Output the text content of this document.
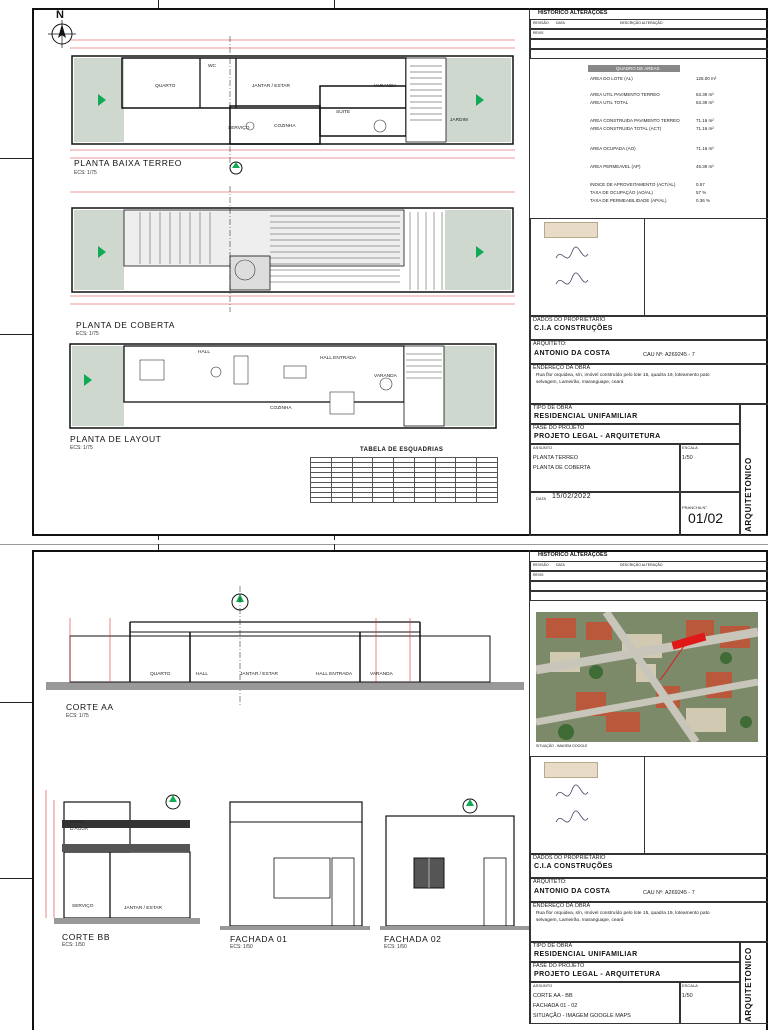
N
QUARTO
WC
JANTAR / ESTAR
SUITE
VARANDA
SERVIÇO	COZINHA
JARDIM
PLANTA BAIXA TERREO
ECS: 1/75
PLANTA DE COBERTA
ECS: 1/75
HALL
HALL ENTRADA
VARANDA
COZINHA
PLANTA DE LAYOUT
ECS: 1/75	TABELA DE ESQUADRIAS

HISTÓRICO ALTERAÇÕES
REVISÃO DATA	DESCRIÇÃO ALTERAÇÃO
REVIS
QUADRO DE AREAS
AREA DO LOTE (AL)	125.00 m²
AREA UTIL PAVIMENTO TERREO	63.39 m²
AREA UTIL TOTAL	63.39 m²
AREA CONSTRUIDA PAVIMENTO TERREO	71.16 m²
AREA CONSTRUIDA TOTAL (ACT)	71.16 m²
AREA OCUPADA (AO)	71.16 m²
AREA PERMEAVEL (AP)	45.39 m²
INDICE DE APROVEITAMENTO (ACT/AL)	0.57
TAXA DE OCUPAÇÃO (AO/AL)	57 %
TAXA DE PERMEABILIDADE (AP/AL)	0.36 %
DADOS DO PROPRIETÁRIO
C.I.A CONSTRUÇÕES
ARQUITETO:
ANTONIO DA COSTA	CAU Nº: A269245 - 7
ENDEREÇO DA OBRA
Rua flor orquidea, s/n, imóvel construído pelo lote 15, quadra 19, loteamento pato selvagem, Lameirão, maranguape, ceará
TIPO DE OBRA
RESIDENCIAL UNIFAMILIAR
FASE DO PROJETO
PROJETO LEGAL - ARQUITETURA
ASSUNTO	ESCALA
PLANTA TERREO
PLANTA DE COBERTA
1/50
DATA 15/02/2022
PRANCHA N°
01/02	ARQUITETONICO
QUARTO	HALL	JANTAR / ESTAR	HALL ENTRADA	VARANDA
CORTE AA
ECS: 1/75
CAIXA D'AGUA
SERVIÇO	JANTAR / ESTAR
CORTE BB
ECS: 1/50
FACHADA 01
ECS: 1/50
FACHADA 02
ECS: 1/50
HISTÓRICO ALTERAÇÕES
REVISÃO DATA	DESCRIÇÃO ALTERAÇÃO
REVIS
SITUAÇÃO - IMAGEM GOOGLE
DADOS DO PROPRIETÁRIO
C.I.A CONSTRUÇÕES
ARQUITETO:
ANTONIO DA COSTA	CAU Nº: A269245 - 7
ENDEREÇO DA OBRA
Rua flor orquidea, s/n, imóvel construído pelo lote 15, quadra 19, loteamento pato selvagem, Lameirão, maranguape, ceará
TIPO DE OBRA
RESIDENCIAL UNIFAMILIAR
FASE DO PROJETO
PROJETO LEGAL - ARQUITETURA
ASSUNTO	ESCALA
CORTE AA - BB
FACHADA 01 - 02
SITUAÇÃO - IMAGEM GOOGLE MAPS
1/50	ARQUITETONICO
